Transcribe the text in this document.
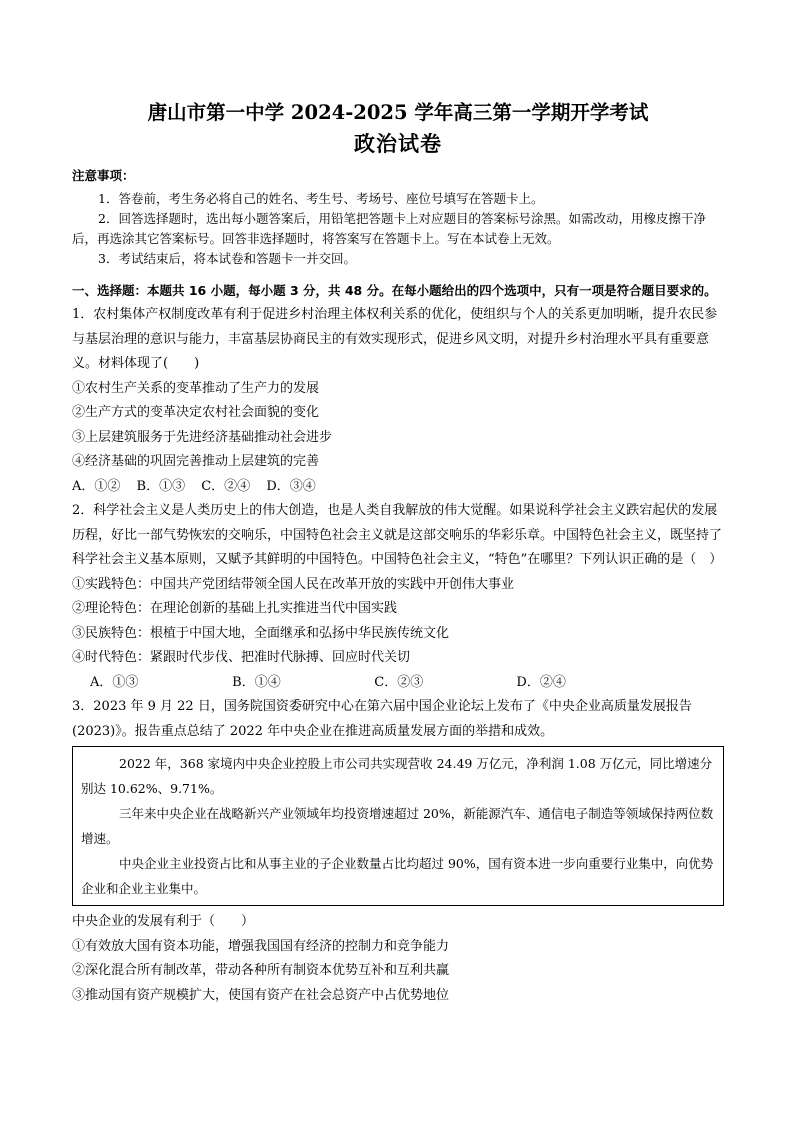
唐山市第一中学 2024-2025 学年高三第一学期开学考试
政治试卷

注意事项：

1．答卷前，考生务必将自己的姓名、考生号、考场号、座位号填写在答题卡上。

2．回答选择题时，选出每小题答案后，用铅笔把答题卡上对应题目的答案标号涂黑。如需改动，用橡皮擦干净后，再选涂其它答案标号。回答非选择题时，将答案写在答题卡上。写在本试卷上无效。

3．考试结束后，将本试卷和答题卡一并交回。

一、选择题：本题共 16 小题，每小题 3 分，共 48 分。在每小题给出的四个选项中，只有一项是符合题目要求的。

1．农村集体产权制度改革有利于促进乡村治理主体权利关系的优化，使组织与个人的关系更加明晰，提升农民参与基层治理的意识与能力，丰富基层协商民主的有效实现形式，促进乡风文明，对提升乡村治理水平具有重要意义。材料体现了(　　)

①农村生产关系的变革推动了生产力的发展

②生产方式的变革决定农村社会面貌的变化

③上层建筑服务于先进经济基础推动社会进步

④经济基础的巩固完善推动上层建筑的完善

A．①② B．①③ C．②④ D．③④

2．科学社会主义是人类历史上的伟大创造，也是人类自我解放的伟大觉醒。如果说科学社会主义跌宕起伏的发展历程，好比一部气势恢宏的交响乐，中国特色社会主义就是这部交响乐的华彩乐章。中国特色社会主义，既坚持了科学社会主义基本原则，又赋予其鲜明的中国特色。中国特色社会主义，“特色”在哪里？下列认识正确的是（　）

①实践特色：中国共产党团结带领全国人民在改革开放的实践中开创伟大事业

②理论特色：在理论创新的基础上扎实推进当代中国实践

③民族特色：根植于中国大地，全面继承和弘扬中华民族传统文化

④时代特色：紧跟时代步伐、把准时代脉搏、回应时代关切

A．①③	B．①④	C．②③	D．②④

3．2023 年 9 月 22 日，国务院国资委研究中心在第六届中国企业论坛上发布了《中央企业高质量发展报告(2023)》。报告重点总结了 2022 年中央企业在推进高质量发展方面的举措和成效。

2022 年，368 家境内中央企业控股上市公司共实现营收 24.49 万亿元，净利润 1.08 万亿元，同比增速分别达 10.62%、9.71%。

三年来中央企业在战略新兴产业领域年均投资增速超过 20%，新能源汽车、通信电子制造等领域保持两位数增速。

中央企业主业投资占比和从事主业的子企业数量占比均超过 90%，国有资本进一步向重要行业集中，向优势企业和企业主业集中。

中央企业的发展有利于（　　）

①有效放大国有资本功能，增强我国国有经济的控制力和竞争能力

②深化混合所有制改革，带动各种所有制资本优势互补和互利共赢

③推动国有资产规模扩大，使国有资产在社会总资产中占优势地位
